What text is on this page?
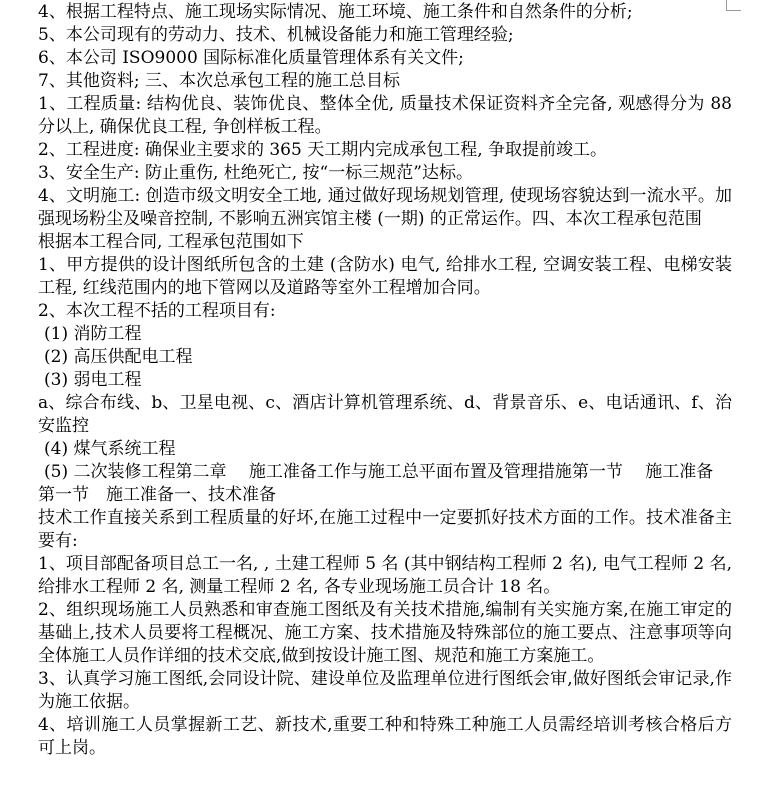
4、根据工程特点、施工现场实际情况、施工环境、施工条件和自然条件的分析;

5、本公司现有的劳动力、技术、机械设备能力和施工管理经验;

6、本公司 ISO9000 国际标准化质量管理体系有关文件;

7、其他资料; 三、本次总承包工程的施工总目标

1、工程质量: 结构优良、装饰优良、整体全优, 质量技术保证资料齐全完备, 观感得分为 88 分以上, 确保优良工程, 争创样板工程。

2、工程进度: 确保业主要求的 365 天工期内完成承包工程, 争取提前竣工。

3、安全生产: 防止重伤, 杜绝死亡, 按“一标三规范”达标。

4、文明施工: 创造市级文明安全工地, 通过做好现场规划管理, 使现场容貌达到一流水平。加强现场粉尘及噪音控制, 不影响五洲宾馆主楼 (一期) 的正常运作。四、本次工程承包范围

根据本工程合同, 工程承包范围如下

1、甲方提供的设计图纸所包含的土建 (含防水) 电气, 给排水工程, 空调安装工程、电梯安装工程, 红线范围内的地下管网以及道路等室外工程增加合同。

2、本次工程不括的工程项目有:

(1) 消防工程

(2) 高压供配电工程

(3) 弱电工程

a、综合布线、b、卫星电视、c、酒店计算机管理系统、d、背景音乐、e、电话通讯、f、治安监控

(4) 煤气系统工程

(5) 二次装修工程第二章　 施工准备工作与施工总平面布置及管理措施第一节　 施工准备

第一节　施工准备一、技术准备

技术工作直接关系到工程质量的好坏,在施工过程中一定要抓好技术方面的工作。技术准备主要有:

1、项目部配备项目总工一名, , 土建工程师 5 名 (其中钢结构工程师 2 名), 电气工程师 2 名, 给排水工程师 2 名, 测量工程师 2 名, 各专业现场施工员合计 18 名。

2、组织现场施工人员熟悉和审查施工图纸及有关技术措施,编制有关实施方案,在施工审定的基础上,技术人员要将工程概况、施工方案、技术措施及特殊部位的施工要点、注意事项等向全体施工人员作详细的技术交底,做到按设计施工图、规范和施工方案施工。

3、认真学习施工图纸,会同设计院、建设单位及监理单位进行图纸会审,做好图纸会审记录,作为施工依据。

4、培训施工人员掌握新工艺、新技术,重要工种和特殊工种施工人员需经培训考核合格后方可上岗。
